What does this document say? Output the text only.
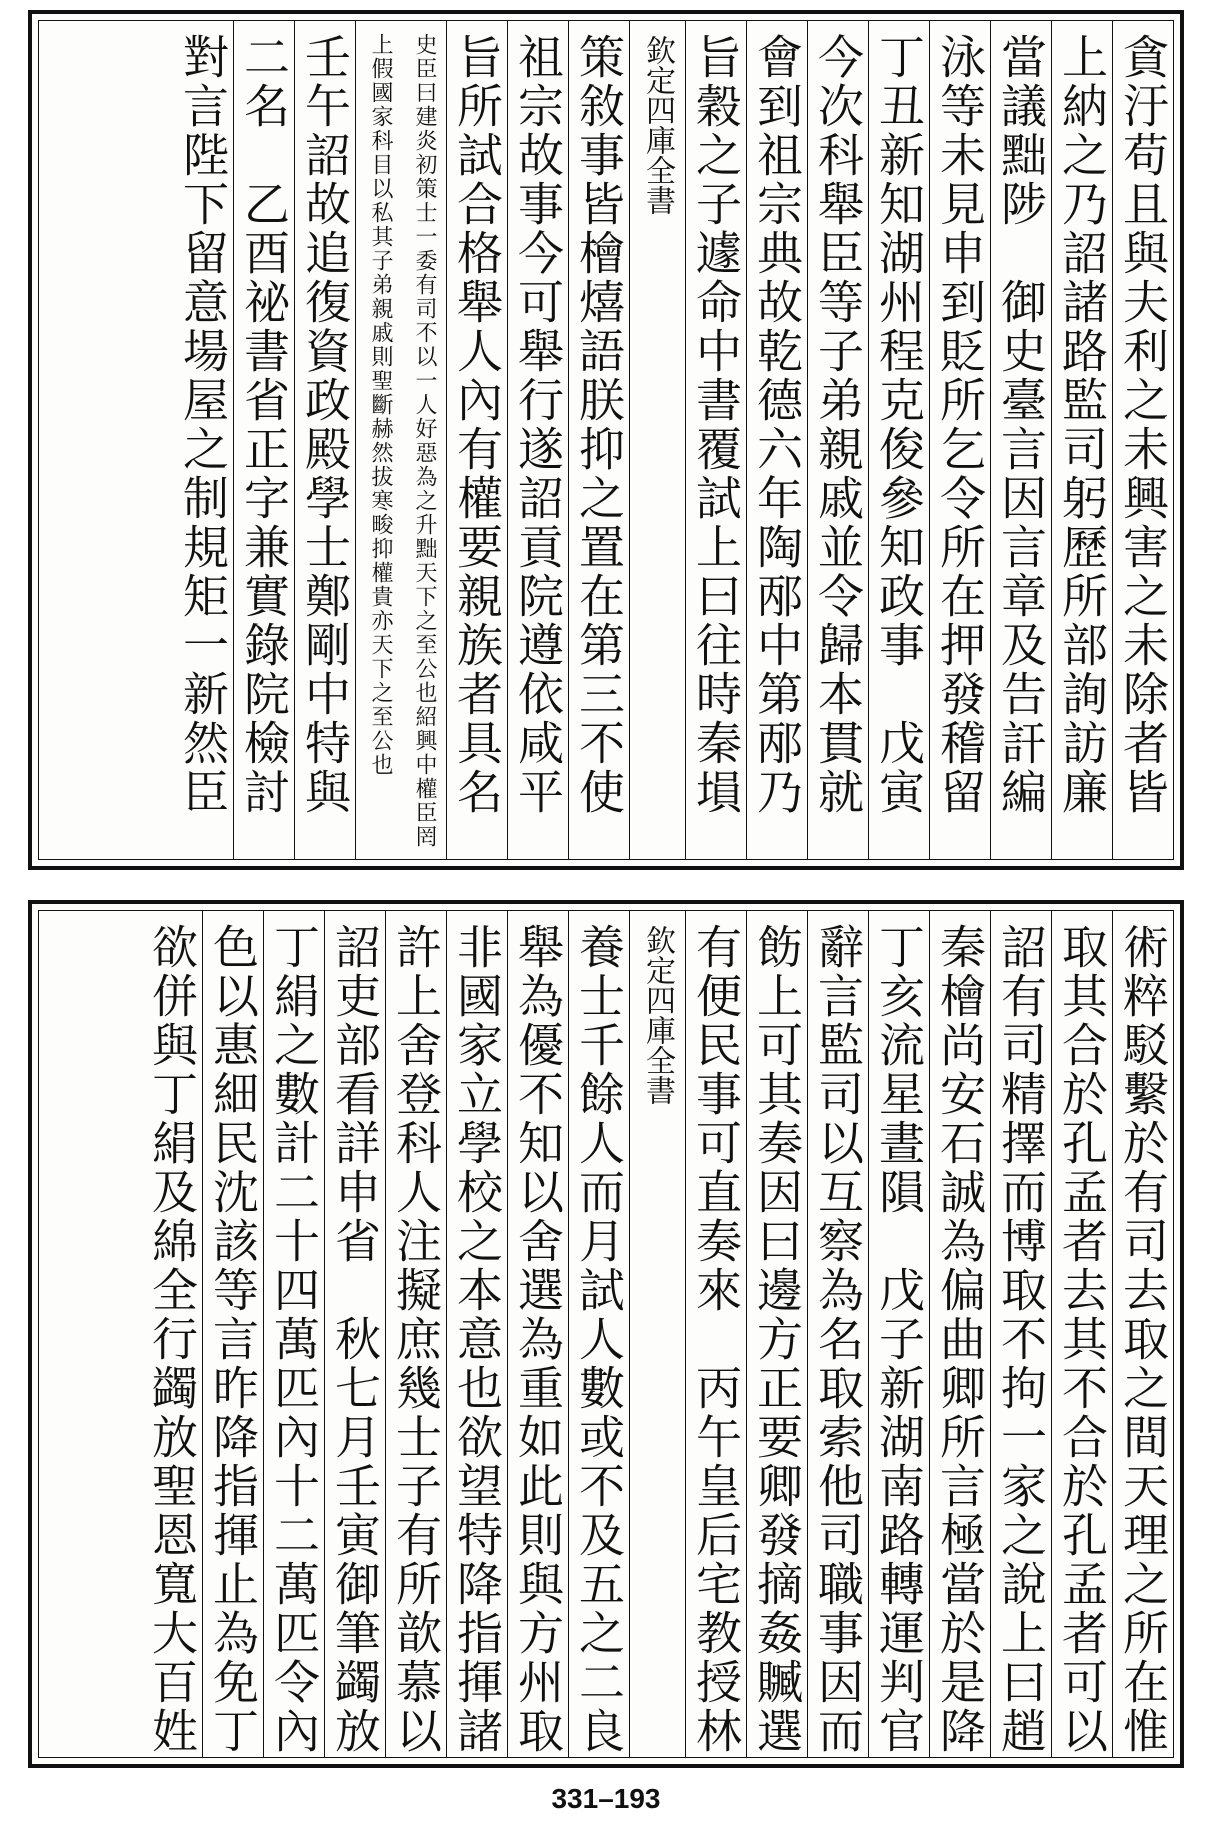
貪汙苟且與夫利之未興害之未除者皆
上納之乃詔諸路監司躬歷所部詢訪廉
當議黜陟　御史臺言因言章及告訐編
泳等未見申到貶所乞令所在押發稽留
丁丑新知湖州程克俊參知政事　戊寅
今次科舉臣等子弟親戚並令歸本貫就
會到祖宗典故乾德六年陶邴中第邴乃
旨穀之子遽命中書覆試上曰往時秦塤
欽定四庫全書
策敘事皆檜熺語朕抑之置在第三不使
祖宗故事今可舉行遂詔貢院遵依咸平
旨所試合格舉人內有權要親族者具名
史臣曰建炎初策士一委有司不以一人好惡為之升黜天下之至公也紹興中權臣罔上假國家科目以私其子弟親戚則聖斷赫然拔寒畯抑權貴亦天下之至公也
壬午詔故追復資政殿學士鄭剛中特與
二名　乙酉祕書省正字兼實錄院檢討
對言陛下留意場屋之制規矩一新然臣
術粹駁繫於有司去取之間天理之所在惟
取其合於孔孟者去其不合於孔孟者可以
詔有司精擇而博取不拘一家之說上曰趙
秦檜尚安石誠為偏曲卿所言極當於是降
丁亥流星晝隕　戊子新湖南路轉運判官
辭言監司以互察為名取索他司職事因而
飭上可其奏因曰邊方正要卿發摘姦贓選
有便民事可直奏來　丙午皇后宅教授林
欽定四庫全書
養士千餘人而月試人數或不及五之二良
舉為優不知以舍選為重如此則與方州取
非國家立學校之本意也欲望特降指揮諸
許上舍登科人注擬庶幾士子有所歆慕以
詔吏部看詳申省　秋七月壬寅御筆蠲放
丁絹之數計二十四萬匹內十二萬匹令內
色以惠細民沈該等言昨降指揮止為免丁
欲併與丁絹及綿全行蠲放聖恩寬大百姓
331–193
